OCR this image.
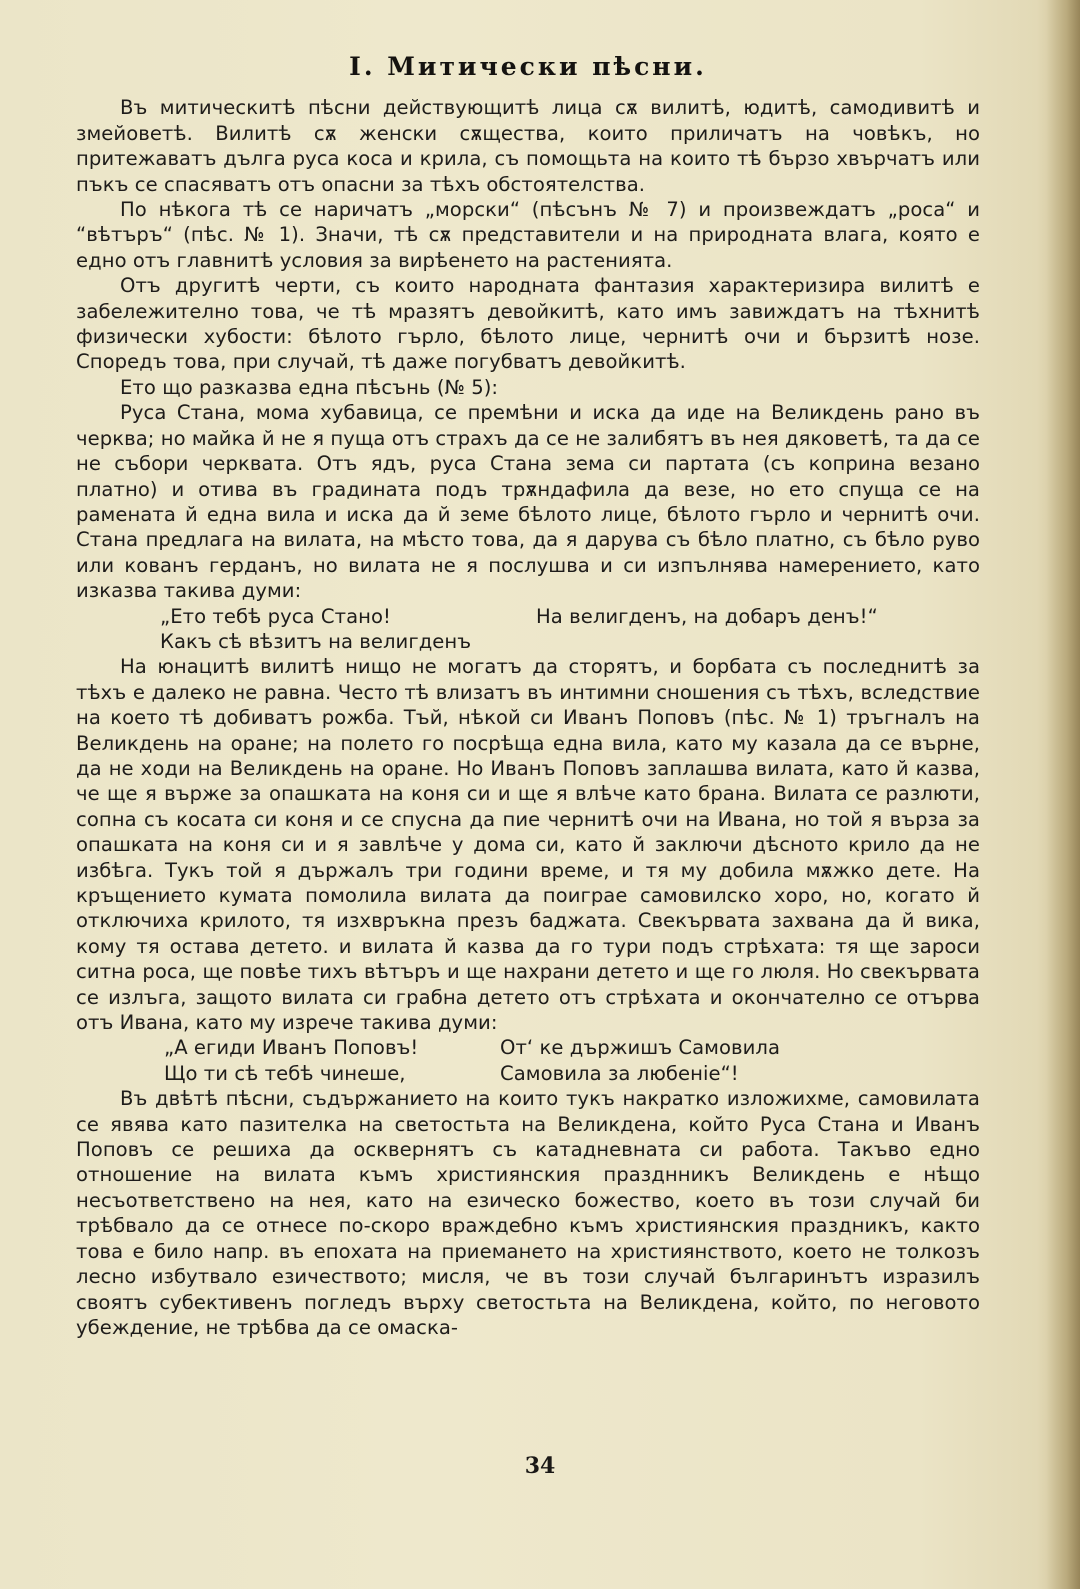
I. Митически пѣсни.

Въ митическитѣ пѣсни действующитѣ лица сѫ вилитѣ, юдитѣ, самодивитѣ и змейоветѣ. Вилитѣ сѫ женски сѫщества, които приличатъ на човѣкъ, но притежаватъ дълга руса коса и крила, съ помощьта на които тѣ бързо хвърчатъ или пъкъ се спасяватъ отъ опасни за тѣхъ обстоятелства.

По нѣкога тѣ се наричатъ „морски“ (пѣсънъ № 7) и произвеждатъ „роса“ и “вѣтъръ“ (пѣс. № 1). Значи, тѣ сѫ представители и на природната влага, която е едно отъ главнитѣ условия за вирѣенето на растенията.

Отъ другитѣ черти, съ които народната фантазия характеризира вилитѣ е забележително това, че тѣ мразятъ девойкитѣ, като имъ завиждатъ на тѣхнитѣ физически хубости: бѣлото гърло, бѣлото лице, чернитѣ очи и бързитѣ нозе. Споредъ това, при случай, тѣ даже погубватъ девойкитѣ.

Ето що разказва една пѣсънь (№ 5):

Руса Стана, мома хубавица, се премѣни и иска да иде на Великдень рано въ черква; но майка й не я пуща отъ страхъ да се не залибятъ въ нея дяковетѣ, та да се не събори черквата. Отъ ядъ, руса Стана зема си партата (съ коприна везано платно) и отива въ градината подъ трѫндафила да везе, но ето спуща се на раменатa й една вила и иска да й земе бѣлото лице, бѣлото гърло и чернитѣ очи. Стана предлага на вилата, на мѣсто това, да я дарува съ бѣло платно, съ бѣло руво или кованъ герданъ, но вилата не я послушва и си изпълнява намерението, като изказва такива думи:

„Ето тебѣ руса Стано!	На велигденъ, на добаръ денъ!“
Какъ сѣ вѣзитъ на велигденъ

На юнацитѣ вилитѣ нищо не могатъ да сторятъ, и борбата съ последнитѣ за тѣхъ е далеко не равна. Често тѣ влизатъ въ интимни сношения съ тѣхъ, вследствие на което тѣ добиватъ рожба. Тъй, нѣкой си Иванъ Поповъ (пѣс. № 1) тръгналъ на Великдень на оране; на полето го посрѣща една вила, като му казала да се върне, да не ходи на Великдень на оране. Но Иванъ Поповъ заплашва вилата, като й казва, че ще я върже за опашката на коня си и ще я влѣче като брана. Вилата се разлюти, сопна съ косата си коня и се спусна да пие чернитѣ очи на Ивана, но той я върза за опашката на коня си и я завлѣче у дома си, като й заключи дѣсното крило да не избѣга. Тукъ той я държалъ три години време, и тя му добила мѫжко дете. На кръщението кумата помолила вилата да поиграе самовилско хоро, но, когато й отключиха крилото, тя изхвръкна презъ баджата. Свекървата захвана да й вика, кому тя остава детето. и вилата й казва да го тури подъ стрѣхата: тя ще зароси ситна роса, ще повѣе тихъ вѣтъръ и ще нахрани детето и ще го люля. Но свекървата се излъга, защото вилата си грабна детето отъ стрѣхата и окончателно се отърва отъ Ивана, като му изрече такива думи:

„А егиди Иванъ Поповъ!	От‘ ке държишъ Самовила
Що ти сѣ тебѣ чинеше,	Самовила за любеніе“!

Въ двѣтѣ пѣсни, съдържанието на които тукъ накратко изложихме, самовилата се явява като пазителка на светостьта на Великдена, който Руса Стана и Иванъ Поповъ се решиха да осквернятъ съ катадневната си работа. Такъво едно отношение на вилата къмъ християнския празднникъ Великдень е нѣщо несъответствено на нея, като на езическо божество, което въ този случай би трѣбвало да се отнесе по-скоро враждебно къмъ християнския праздникъ, както това е било напр. въ епохата на приемането на християнството, което не толкозъ лесно избутвало езичеството; мисля, че въ този случай българинътъ изразилъ своятъ субективенъ погледъ върху светостьта на Великдена, който, по неговото убеждение, не трѣбва да се омаска-

34
